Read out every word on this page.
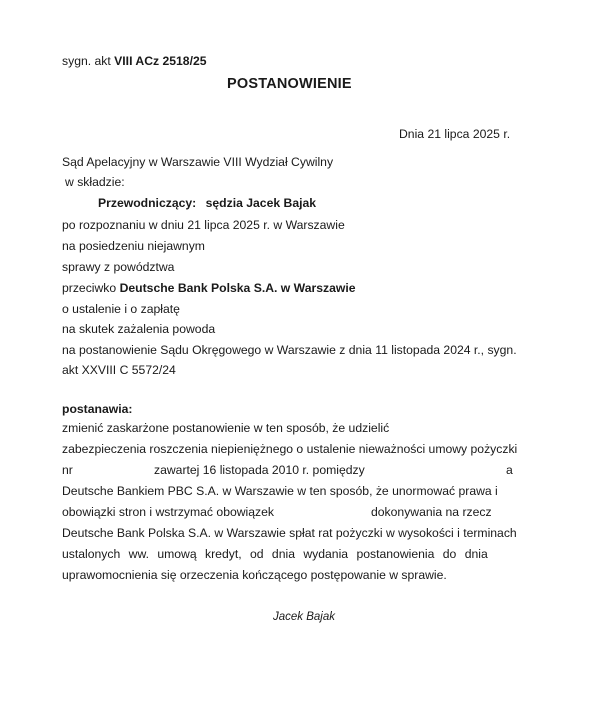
sygn. akt VIII ACz 2518/25
POSTANOWIENIE
Dnia 21 lipca 2025 r.
Sąd Apelacyjny w Warszawie VIII Wydział Cywilny
w składzie:
Przewodniczący: sędzia Jacek Bajak
po rozpoznaniu w dniu 21 lipca 2025 r. w Warszawie
na posiedzeniu niejawnym
sprawy z powództwa
przeciwko Deutsche Bank Polska S.A. w Warszawie
o ustalenie i o zapłatę
na skutek zażalenia powoda
na postanowienie Sądu Okręgowego w Warszawie z dnia 11 listopada 2024 r., sygn.
akt XXVIII C 5572/24
postanawia:
zmienić zaskarżone postanowienie w ten sposób, że udzielić
zabezpieczenia roszczenia niepieniężnego o ustalenie nieważności umowy pożyczki
nr	zawartej 16 listopada 2010 r. pomiędzy	a
Deutsche Bankiem PBC S.A. w Warszawie w ten sposób, że unormować prawa i
obowiązki stron i wstrzymać obowiązek	dokonywania na rzecz
Deutsche Bank Polska S.A. w Warszawie spłat rat pożyczki w wysokości i terminach
ustalonych ww. umową kredyt, od dnia wydania postanowienia do dnia
uprawomocnienia się orzeczenia kończącego postępowanie w sprawie.
Jacek Bajak
